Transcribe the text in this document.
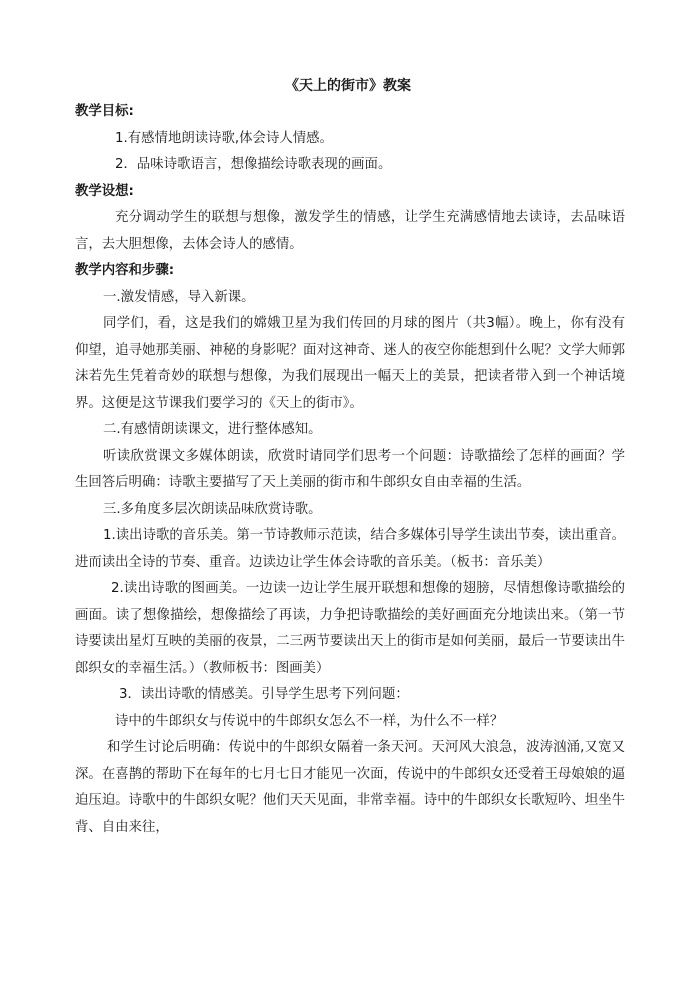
《天上的街市》教案

教学目标:

1.有感情地朗读诗歌,体会诗人情感。

2．品味诗歌语言，想像描绘诗歌表现的画面。

教学设想:

充分调动学生的联想与想像，激发学生的情感，让学生充满感情地去读诗，去品味语言，去大胆想像，去体会诗人的感情。

教学内容和步骤:

一.激发情感，导入新课。

同学们，看，这是我们的嫦娥卫星为我们传回的月球的图片（共3幅）。晚上，你有没有仰望，追寻她那美丽、神秘的身影呢？面对这神奇、迷人的夜空你能想到什么呢？文学大师郭沫若先生凭着奇妙的联想与想像，为我们展现出一幅天上的美景，把读者带入到一个神话境界。这便是这节课我们要学习的《天上的街市》。

二.有感情朗读课文，进行整体感知。

听读欣赏课文多媒体朗读，欣赏时请同学们思考一个问题：诗歌描绘了怎样的画面？学生回答后明确：诗歌主要描写了天上美丽的街市和牛郎织女自由幸福的生活。

三.多角度多层次朗读品味欣赏诗歌。

1.读出诗歌的音乐美。第一节诗教师示范读，结合多媒体引导学生读出节奏，读出重音。进而读出全诗的节奏、重音。边读边让学生体会诗歌的音乐美。（板书：音乐美）

2.读出诗歌的图画美。一边读一边让学生展开联想和想像的翅膀，尽情想像诗歌描绘的画面。读了想像描绘，想像描绘了再读，力争把诗歌描绘的美好画面充分地读出来。（第一节诗要读出星灯互映的美丽的夜景，二三两节要读出天上的街市是如何美丽，最后一节要读出牛郎织女的幸福生活。）（教师板书：图画美）

3．读出诗歌的情感美。引导学生思考下列问题：

诗中的牛郎织女与传说中的牛郎织女怎么不一样，为什么不一样？

和学生讨论后明确：传说中的牛郎织女隔着一条天河。天河风大浪急，波涛汹涌,又宽又深。在喜鹊的帮助下在每年的七月七日才能见一次面，传说中的牛郎织女还受着王母娘娘的逼迫压迫。诗歌中的牛郎织女呢？他们天天见面，非常幸福。诗中的牛郎织女长歌短吟、坦坐牛背、自由来往，
